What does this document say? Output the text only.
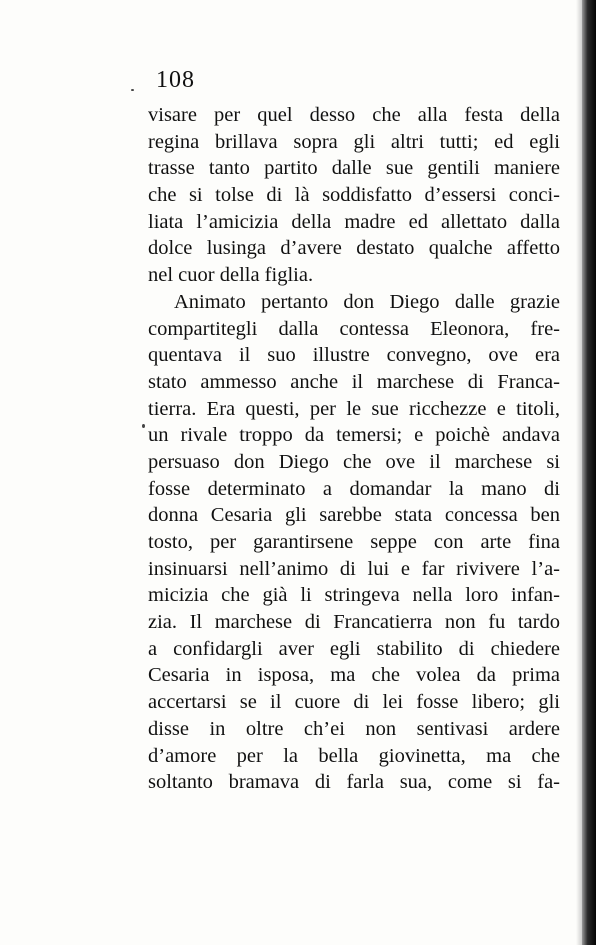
108
visare per quel desso che alla festa della
regina brillava sopra gli altri tutti; ed egli
trasse tanto partito dalle sue gentili maniere
che si tolse di là soddisfatto d’essersi conci-
liata l’amicizia della madre ed allettato dalla
dolce lusinga d’avere destato qualche affetto
nel cuor della figlia.
Animato pertanto don Diego dalle grazie
compartitegli dalla contessa Eleonora, fre-
quentava il suo illustre convegno, ove era
stato ammesso anche il marchese di Franca-
tierra. Era questi, per le sue ricchezze e titoli,
un rivale troppo da temersi; e poichè andava
persuaso don Diego che ove il marchese si
fosse determinato a domandar la mano di
donna Cesaria gli sarebbe stata concessa ben
tosto, per garantirsene seppe con arte fina
insinuarsi nell’animo di lui e far rivivere l’a-
micizia che già li stringeva nella loro infan-
zia. Il marchese di Francatierra non fu tardo
a confidargli aver egli stabilito di chiedere
Cesaria in isposa, ma che volea da prima
accertarsi se il cuore di lei fosse libero; gli
disse in oltre ch’ei non sentivasi ardere
d’amore per la bella giovinetta, ma che
soltanto bramava di farla sua, come si fa-
